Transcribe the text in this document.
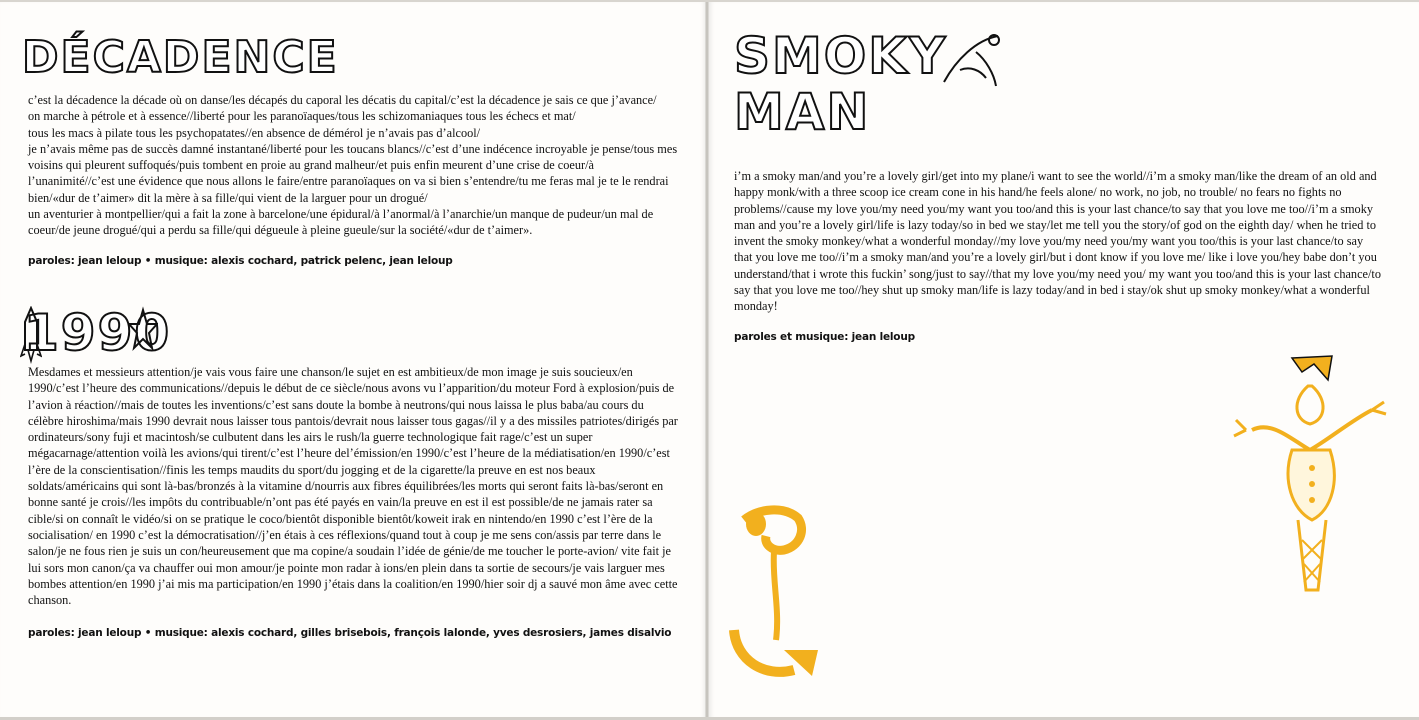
DÉCADENCE
c’est la décadence la décade où on danse/les décapés du caporal les décatis du capital/c’est la décadence je sais ce que j’avance/
on marche à pétrole et à essence//liberté pour les paranoïaques/tous les schizomaniaques tous les échecs et mat/
tous les macs à pilate tous les psychopatates//en absence de démérol je n’avais pas d’alcool/
je n’avais même pas de succès damné instantané/liberté pour les toucans blancs//c’est d’une indécence incroyable je pense/tous mes voisins qui pleurent suffoqués/puis tombent en proie au grand malheur/et puis enfin meurent d’une crise de coeur/à l’unanimité//c’est une évidence que nous allons le faire/entre paranoïaques on va si bien s’entendre/tu me feras mal je te le rendrai bien/«dur de t’aimer» dit la mère à sa fille/qui vient de la larguer pour un drogué/
un aventurier à montpellier/qui a fait la zone à barcelone/une épidural/à l’anormal/à l’anarchie/un manque de pudeur/un mal de coeur/de jeune drogué/qui a perdu sa fille/qui dégueule à pleine gueule/sur la société/«dur de t’aimer».
paroles: jean leloup • musique: alexis cochard, patrick pelenc, jean leloup
1990
Mesdames et messieurs attention/je vais vous faire une chanson/le sujet en est ambitieux/de mon image je suis soucieux/en 1990/c’est l’heure des communications//depuis le début de ce siècle/nous avons vu l’apparition/du moteur Ford à explosion/puis de l’avion à réaction//mais de toutes les inventions/c’est sans doute la bombe à neutrons/qui nous laissa le plus baba/au cours du célèbre hiroshima/mais 1990 devrait nous laisser tous pantois/devrait nous laisser tous gagas//il y a des missiles patriotes/dirigés par ordinateurs/sony fuji et macintosh/se culbutent dans les airs le rush/la guerre technologique fait rage/c’est un super mégacarnage/attention voilà les avions/qui tirent/c’est l’heure del’émission/en 1990/c’est l’heure de la médiatisation/en 1990/c’est l’ère de la conscientisation//finis les temps maudits du sport/du jogging et de la cigarette/la preuve en est nos beaux soldats/américains qui sont là-bas/bronzés à la vitamine d/nourris aux fibres équilibrées/les morts qui seront faits là-bas/seront en bonne santé je crois//les impôts du contribuable/n’ont pas été payés en vain/la preuve en est il est possible/de ne jamais rater sa cible/si on connaît le vidéo/si on se pratique le coco/bientôt disponible bientôt/koweit irak en nintendo/en 1990 c’est l’ère de la socialisation/ en 1990 c’est la démocratisation//j’en étais à ces réflexions/quand tout à coup je me sens con/assis par terre dans le salon/je ne fous rien je suis un con/heureusement que ma copine/a soudain l’idée de génie/de me toucher le porte-avion/ vite fait je lui sors mon canon/ça va chauffer oui mon amour/je pointe mon radar à ions/en plein dans ta sortie de secours/je vais larguer mes bombes attention/en 1990 j’ai mis ma participation/en 1990 j’étais dans la coalition/en 1990/hier soir dj a sauvé mon âme avec cette chanson.
paroles: jean leloup • musique: alexis cochard, gilles brisebois, françois lalonde, yves desrosiers, james disalvio
SMOKY
MAN
i’m a smoky man/and you’re a lovely girl/get into my plane/i want to see the world//i’m a smoky man/like the dream of an old and happy monk/with a three scoop ice cream cone in his hand/he feels alone/ no work, no job, no trouble/ no fears no fights no problems//cause my love you/my need you/my want you too/and this is your last chance/to say that you love me too//i’m a smoky
man and you’re a lovely girl/life is lazy today/so in bed we stay/let me tell you the story/of god on the eighth day/ when he tried to invent the smoky monkey/what a wonderful monday//my love you/my need you/my want you too/this is your last chance/to say that you love me too//i’m a smoky man/and you’re a lovely girl/but i dont know if you love me/ like i love you/hey babe don’t you understand/that i wrote this fuckin’ song/just to say//that my love you/my need you/ my want you too/and this is your last chance/to say that you love me too//hey shut up smoky man/life is lazy today/and in bed i stay/ok shut up smoky monkey/what a wonderful monday!
paroles et musique: jean leloup
